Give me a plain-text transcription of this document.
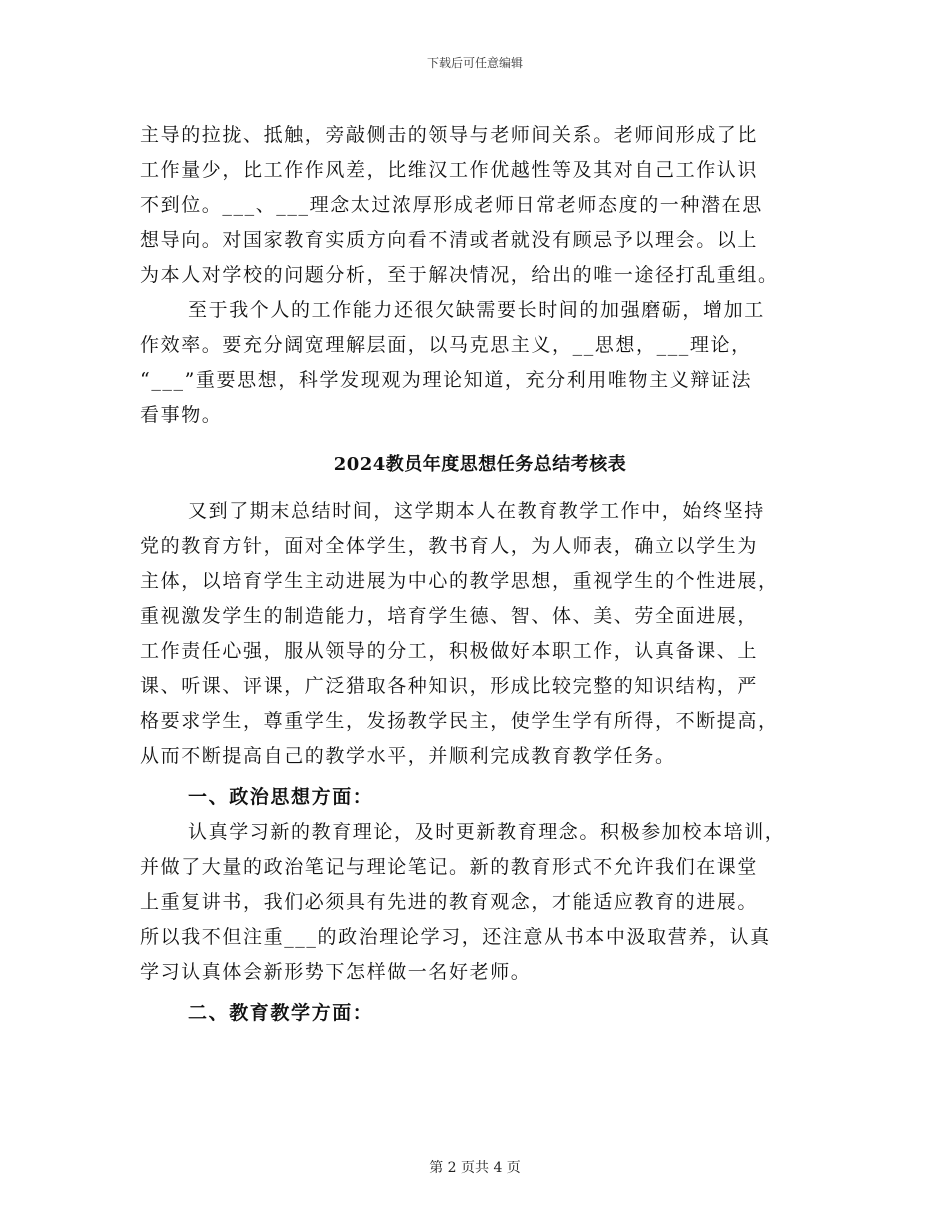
下载后可任意编辑
主导的拉拢、抵触，旁敲侧击的领导与老师间关系。老师间形成了比
工作量少，比工作作风差，比维汉工作优越性等及其对自己工作认识
不到位。___、___理念太过浓厚形成老师日常老师态度的一种潜在思
想导向。对国家教育实质方向看不清或者就没有顾忌予以理会。以上
为本人对学校的问题分析，至于解决情况，给出的唯一途径打乱重组。
至于我个人的工作能力还很欠缺需要长时间的加强磨砺，增加工
作效率。要充分阔宽理解层面，以马克思主义，__思想，___理论，
“___”重要思想，科学发现观为理论知道，充分利用唯物主义辩证法
看事物。
2024教员年度思想任务总结考核表
又到了期末总结时间，这学期本人在教育教学工作中，始终坚持
党的教育方针，面对全体学生，教书育人，为人师表，确立以学生为
主体，以培育学生主动进展为中心的教学思想，重视学生的个性进展，
重视激发学生的制造能力，培育学生德、智、体、美、劳全面进展，
工作责任心强，服从领导的分工，积极做好本职工作，认真备课、上
课、听课、评课，广泛猎取各种知识，形成比较完整的知识结构，严
格要求学生，尊重学生，发扬教学民主，使学生学有所得，不断提高，
从而不断提高自己的教学水平，并顺利完成教育教学任务。
一、政治思想方面：
认真学习新的教育理论，及时更新教育理念。积极参加校本培训，
并做了大量的政治笔记与理论笔记。新的教育形式不允许我们在课堂
上重复讲书，我们必须具有先进的教育观念，才能适应教育的进展。
所以我不但注重___的政治理论学习，还注意从书本中汲取营养，认真
学习认真体会新形势下怎样做一名好老师。
二、教育教学方面：
第 2 页共 4 页
